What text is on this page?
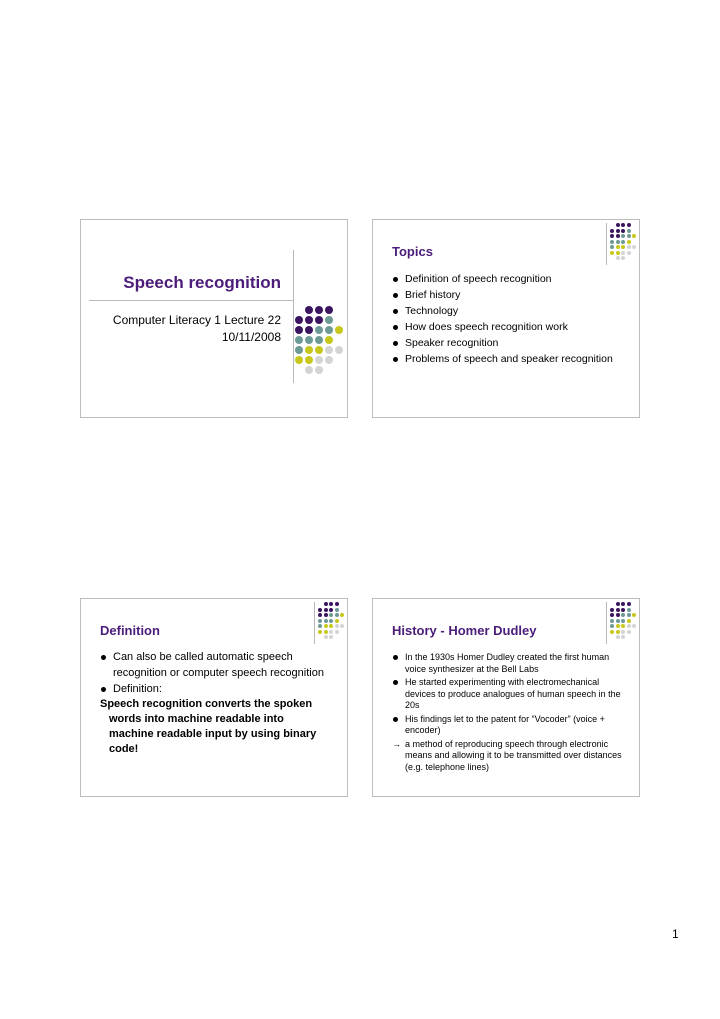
Speech recognition
Computer Literacy 1 Lecture 22
10/11/2008
Topics
Definition of speech recognition
Brief history
Technology
How does speech recognition work
Speaker recognition
Problems of speech and speaker recognition
Definition
Can also be called automatic speech recognition or computer speech recognition
Definition:
Speech recognition converts the spoken
words into machine readable into
machine readable input by using binary
code!
History - Homer Dudley
In the 1930s Homer Dudley created the first human voice synthesizer at the Bell Labs
He started experimenting with electromechanical devices to produce analogues of human speech in the 20s
His findings let to the patent for “Vocoder” (voice + encoder)
→ a method of reproducing speech through electronic means and allowing it to be transmitted over distances (e.g. telephone lines)
1
